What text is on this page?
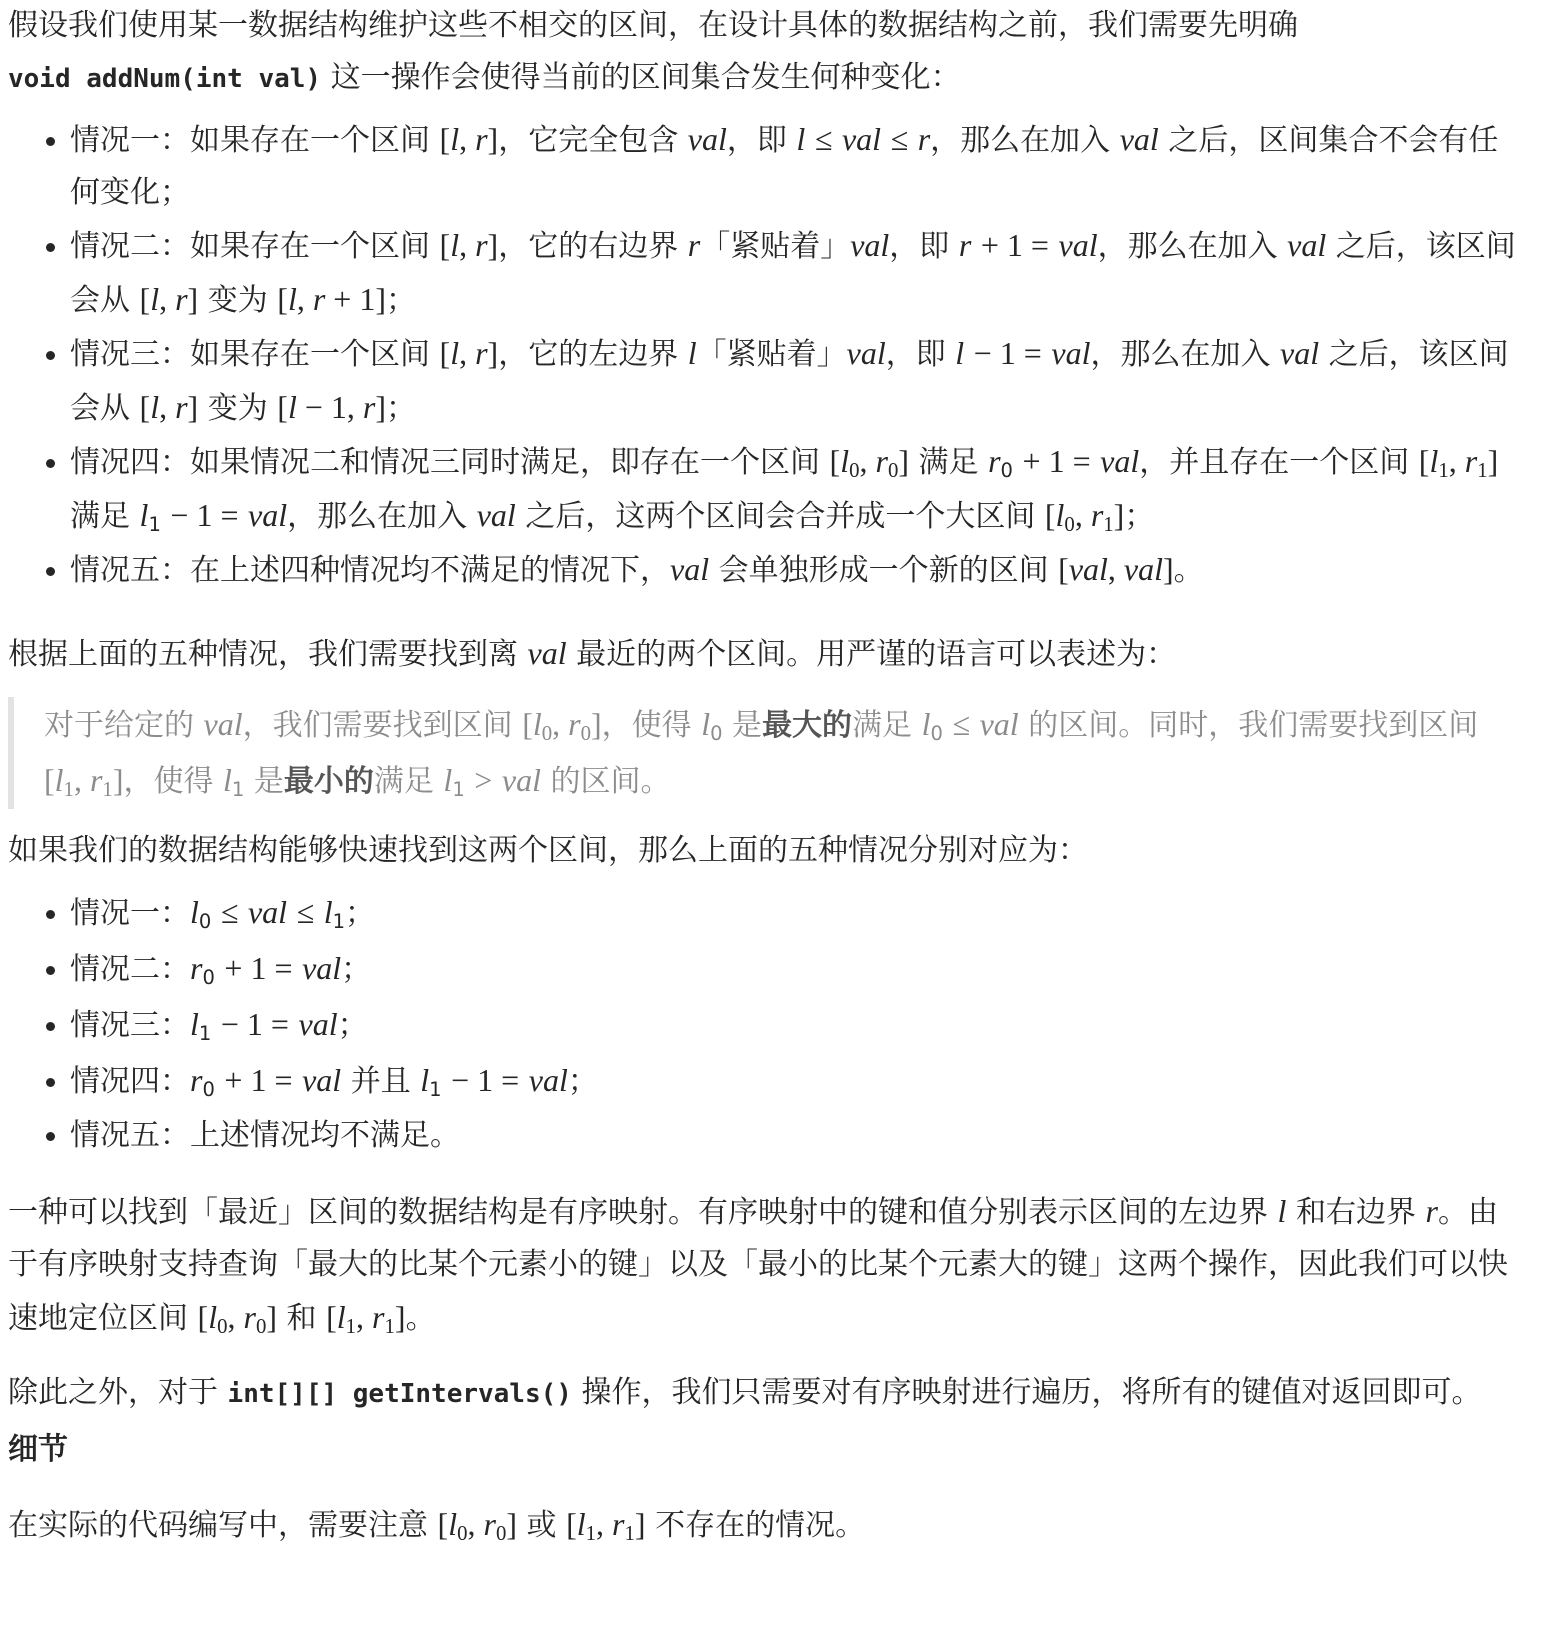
假设我们使用某一数据结构维护这些不相交的区间，在设计具体的数据结构之前，我们需要先明确
void addNum(int val) 这一操作会使得当前的区间集合发生何种变化：

• 情况一：如果存在一个区间 [l, r]，它完全包含 val，即 l ≤ val ≤ r，那么在加入 val 之后，区间集合不会有任何变化；
• 情况二：如果存在一个区间 [l, r]，它的右边界 r「紧贴着」val，即 r + 1 = val，那么在加入 val 之后，该区间会从 [l, r] 变为 [l, r + 1]；
• 情况三：如果存在一个区间 [l, r]，它的左边界 l「紧贴着」val，即 l − 1 = val，那么在加入 val 之后，该区间会从 [l, r] 变为 [l − 1, r]；
• 情况四：如果情况二和情况三同时满足，即存在一个区间 [$l_0$, $r_0$] 满足 $r_0 + 1$ = val，并且存在一个区间 [$l_1$, $r_1$] 满足 $l_1 - 1$ = val，那么在加入 val 之后，这两个区间会合并成一个大区间 [$l_0$, $r_1$]；
• 情况五：在上述四种情况均不满足的情况下，val 会单独形成一个新的区间 [val, val]。

根据上面的五种情况，我们需要找到离 val 最近的两个区间。用严谨的语言可以表述为：

对于给定的 val，我们需要找到区间 [$l_0$, $r_0$]，使得 $l_0$ 是最大的满足 $l_0$ ≤ val 的区间。同时，我们需要找到区间 [$l_1$, $r_1$]，使得 $l_1$ 是最小的满足 $l_1$ > val 的区间。

如果我们的数据结构能够快速找到这两个区间，那么上面的五种情况分别对应为：

• 情况一：$l_0$ ≤ val ≤ $l_1$；
• 情况二：$r_0 + 1$ = val；
• 情况三：$l_1 - 1$ = val；
• 情况四：$r_0 + 1$ = val 并且 $l_1 - 1$ = val；
• 情况五：上述情况均不满足。

一种可以找到「最近」区间的数据结构是有序映射。有序映射中的键和值分别表示区间的左边界 l 和右边界 r。由于有序映射支持查询「最大的比某个元素小的键」以及「最小的比某个元素大的键」这两个操作，因此我们可以快速地定位区间 [$l_0$, $r_0$] 和 [$l_1$, $r_1$]。

除此之外，对于 int[][] getIntervals() 操作，我们只需要对有序映射进行遍历，将所有的键值对返回即可。

细节

在实际的代码编写中，需要注意 [$l_0$, $r_0$] 或 [$l_1$, $r_1$] 不存在的情况。
